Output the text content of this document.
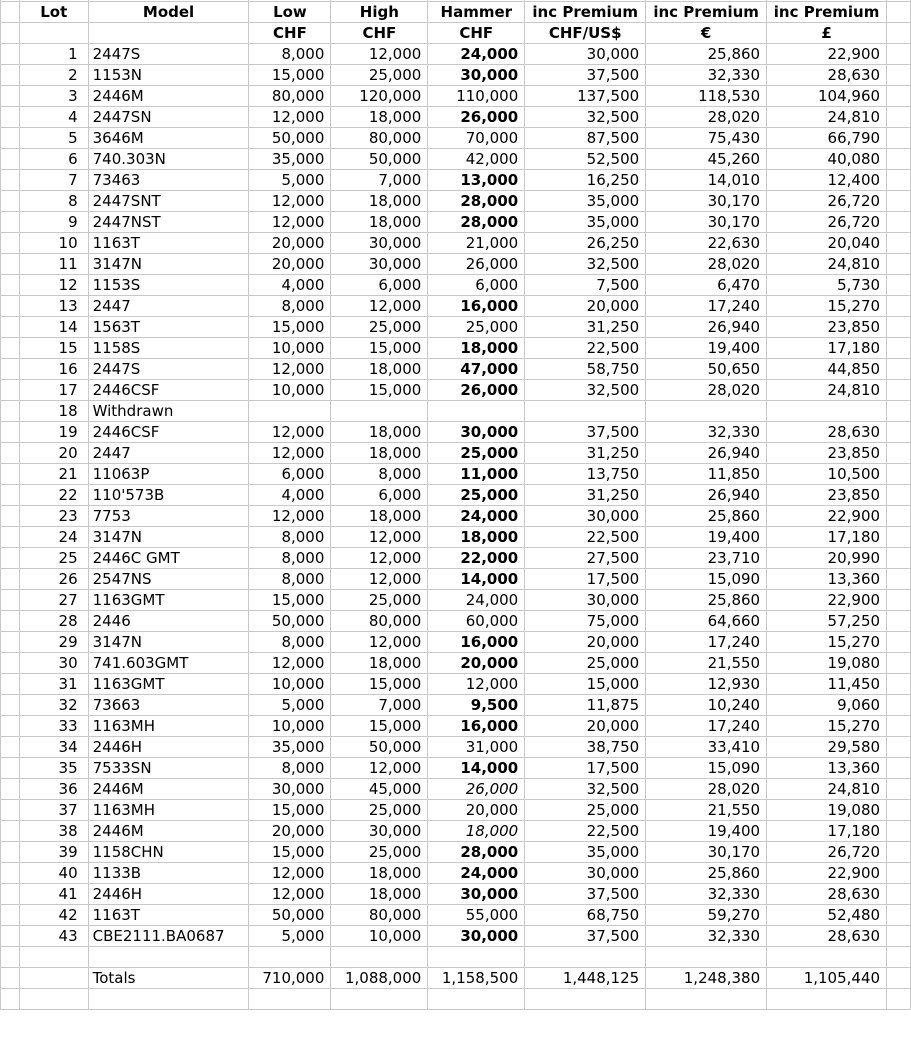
	Lot	Model	Low	High	Hammer	inc Premium	inc Premium	inc Premium	
			CHF	CHF	CHF	CHF/US$	€	£	
	1	2447S	8,000	12,000	24,000	30,000	25,860	22,900	
	2	1153N	15,000	25,000	30,000	37,500	32,330	28,630	
	3	2446M	80,000	120,000	110,000	137,500	118,530	104,960	
	4	2447SN	12,000	18,000	26,000	32,500	28,020	24,810	
	5	3646M	50,000	80,000	70,000	87,500	75,430	66,790	
	6	740.303N	35,000	50,000	42,000	52,500	45,260	40,080	
	7	73463	5,000	7,000	13,000	16,250	14,010	12,400	
	8	2447SNT	12,000	18,000	28,000	35,000	30,170	26,720	
	9	2447NST	12,000	18,000	28,000	35,000	30,170	26,720	
	10	1163T	20,000	30,000	21,000	26,250	22,630	20,040	
	11	3147N	20,000	30,000	26,000	32,500	28,020	24,810	
	12	1153S	4,000	6,000	6,000	7,500	6,470	5,730	
	13	2447	8,000	12,000	16,000	20,000	17,240	15,270	
	14	1563T	15,000	25,000	25,000	31,250	26,940	23,850	
	15	1158S	10,000	15,000	18,000	22,500	19,400	17,180	
	16	2447S	12,000	18,000	47,000	58,750	50,650	44,850	
	17	2446CSF	10,000	15,000	26,000	32,500	28,020	24,810	
	18	Withdrawn							
	19	2446CSF	12,000	18,000	30,000	37,500	32,330	28,630	
	20	2447	12,000	18,000	25,000	31,250	26,940	23,850	
	21	11063P	6,000	8,000	11,000	13,750	11,850	10,500	
	22	110'573B	4,000	6,000	25,000	31,250	26,940	23,850	
	23	7753	12,000	18,000	24,000	30,000	25,860	22,900	
	24	3147N	8,000	12,000	18,000	22,500	19,400	17,180	
	25	2446C GMT	8,000	12,000	22,000	27,500	23,710	20,990	
	26	2547NS	8,000	12,000	14,000	17,500	15,090	13,360	
	27	1163GMT	15,000	25,000	24,000	30,000	25,860	22,900	
	28	2446	50,000	80,000	60,000	75,000	64,660	57,250	
	29	3147N	8,000	12,000	16,000	20,000	17,240	15,270	
	30	741.603GMT	12,000	18,000	20,000	25,000	21,550	19,080	
	31	1163GMT	10,000	15,000	12,000	15,000	12,930	11,450	
	32	73663	5,000	7,000	9,500	11,875	10,240	9,060	
	33	1163MH	10,000	15,000	16,000	20,000	17,240	15,270	
	34	2446H	35,000	50,000	31,000	38,750	33,410	29,580	
	35	7533SN	8,000	12,000	14,000	17,500	15,090	13,360	
	36	2446M	30,000	45,000	26,000	32,500	28,020	24,810	
	37	1163MH	15,000	25,000	20,000	25,000	21,550	19,080	
	38	2446M	20,000	30,000	18,000	22,500	19,400	17,180	
	39	1158CHN	15,000	25,000	28,000	35,000	30,170	26,720	
	40	1133B	12,000	18,000	24,000	30,000	25,860	22,900	
	41	2446H	12,000	18,000	30,000	37,500	32,330	28,630	
	42	1163T	50,000	80,000	55,000	68,750	59,270	52,480	
	43	CBE2111.BA0687	5,000	10,000	30,000	37,500	32,330	28,630	

		Totals	710,000	1,088,000	1,158,500	1,448,125	1,248,380	1,105,440	
